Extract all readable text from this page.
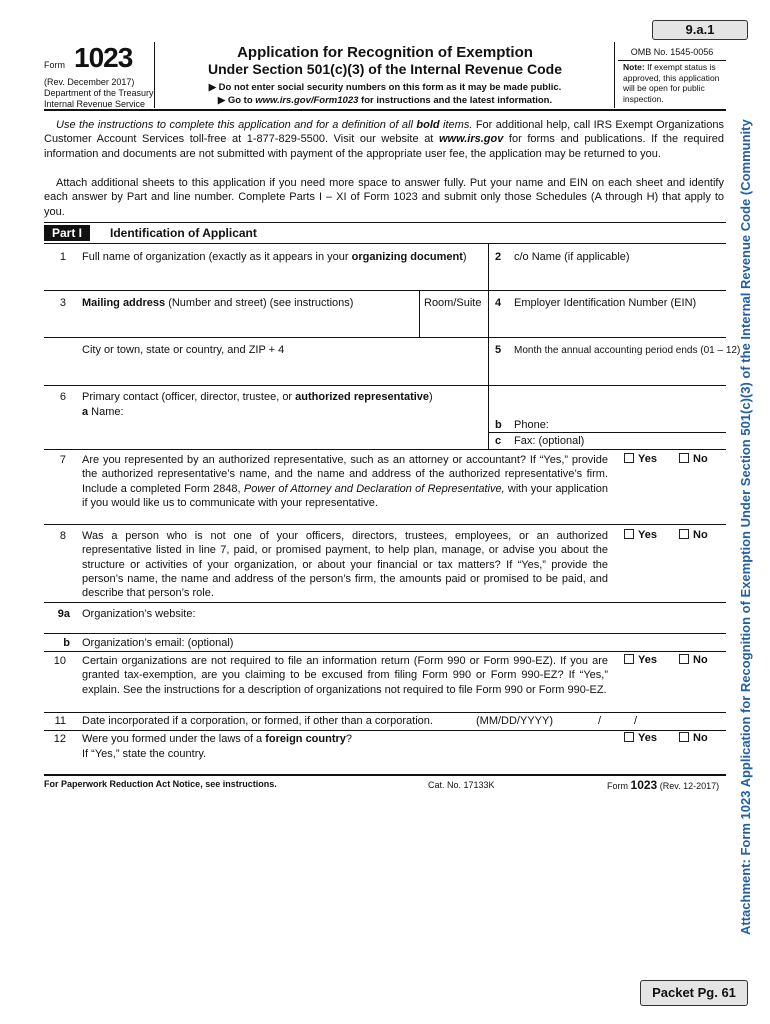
9.a.1
Attachment: Form 1023 Application for Recognition of Exemption Under Section 501(c)(3) of the Internal Revenue Code (Community
Form 1023
(Rev. December 2017)
Department of the Treasury
Internal Revenue Service
Application for Recognition of Exemption
Under Section 501(c)(3) of the Internal Revenue Code
▶ Do not enter social security numbers on this form as it may be made public.
▶ Go to www.irs.gov/Form1023 for instructions and the latest information.
OMB No. 1545-0056
Note: If exempt status is approved, this application will be open for public inspection.
Use the instructions to complete this application and for a definition of all bold items. For additional help, call IRS Exempt Organizations Customer Account Services toll-free at 1-877-829-5500. Visit our website at www.irs.gov for forms and publications. If the required information and documents are not submitted with payment of the appropriate user fee, the application may be returned to you.
Attach additional sheets to this application if you need more space to answer fully. Put your name and EIN on each sheet and identify each answer by Part and line number. Complete Parts I – XI of Form 1023 and submit only those Schedules (A through H) that apply to you.
Part I	Identification of Applicant
1 Full name of organization (exactly as it appears in your organizing document)	2 c/o Name (if applicable)
3 Mailing address (Number and street) (see instructions)	Room/Suite 4 Employer Identification Number (EIN)
City or town, state or country, and ZIP + 4	5 Month the annual accounting period ends (01 – 12)
6 Primary contact (officer, director, trustee, or authorized representative)
a Name:
b Phone:
c Fax: (optional)
7 Are you represented by an authorized representative, such as an attorney or accountant? If “Yes,” provide the authorized representative’s name, and the name and address of the authorized representative’s firm. Include a completed Form 2848, Power of Attorney and Declaration of Representative, with your application if you would like us to communicate with your representative.
Yes	No
8 Was a person who is not one of your officers, directors, trustees, employees, or an authorized representative listed in line 7, paid, or promised payment, to help plan, manage, or advise you about the structure or activities of your organization, or about your financial or tax matters? If “Yes,” provide the person’s name, the name and address of the person’s firm, the amounts paid or promised to be paid, and describe that person’s role.
Yes	No
9a Organization’s website:
b Organization’s email: (optional)
10 Certain organizations are not required to file an information return (Form 990 or Form 990-EZ). If you are granted tax-exemption, are you claiming to be excused from filing Form 990 or Form 990-EZ? If “Yes,” explain. See the instructions for a description of organizations not required to file Form 990 or Form 990-EZ.
Yes	No
11 Date incorporated if a corporation, or formed, if other than a corporation.	(MM/DD/YYYY)	/	/
12 Were you formed under the laws of a foreign country?
If “Yes,” state the country.
Yes	No
For Paperwork Reduction Act Notice, see instructions.	Cat. No. 17133K	Form 1023 (Rev. 12-2017)
Packet Pg. 61
